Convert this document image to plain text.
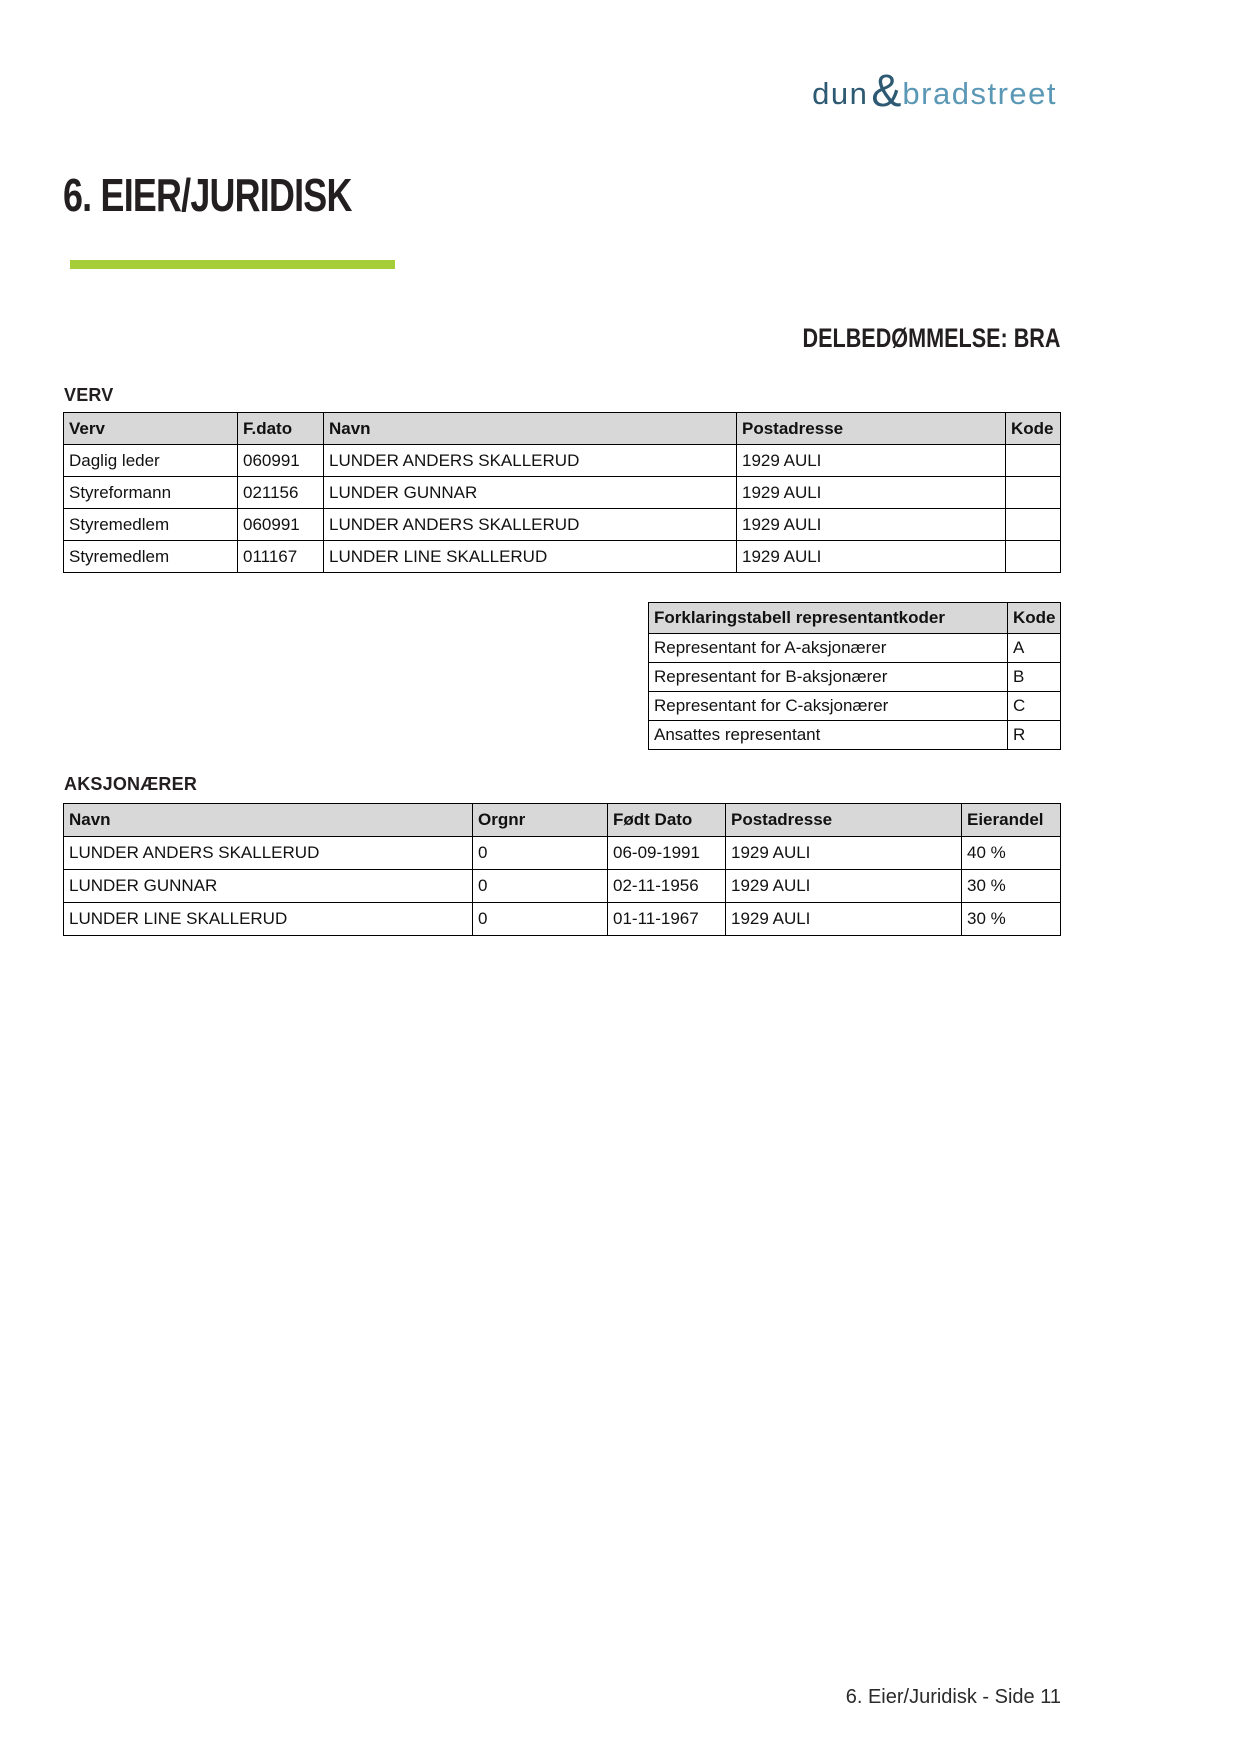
dun & bradstreet
6. EIER/JURIDISK
DELBEDØMMELSE: BRA
VERV
Verv	F.dato	Navn	Postadresse	Kode
Daglig leder	060991	LUNDER ANDERS SKALLERUD	1929 AULI	
Styreformann	021156	LUNDER GUNNAR	1929 AULI	
Styremedlem	060991	LUNDER ANDERS SKALLERUD	1929 AULI	
Styremedlem	011167	LUNDER LINE SKALLERUD	1929 AULI	
Forklaringstabell representantkoder	Kode
Representant for A-aksjonærer	A
Representant for B-aksjonærer	B
Representant for C-aksjonærer	C
Ansattes representant	R
AKSJONÆRER
Navn	Orgnr	Født Dato	Postadresse	Eierandel
LUNDER ANDERS SKALLERUD	0	06-09-1991	1929 AULI	40 %
LUNDER GUNNAR	0	02-11-1956	1929 AULI	30 %
LUNDER LINE SKALLERUD	0	01-11-1967	1929 AULI	30 %
6. Eier/Juridisk - Side 11
